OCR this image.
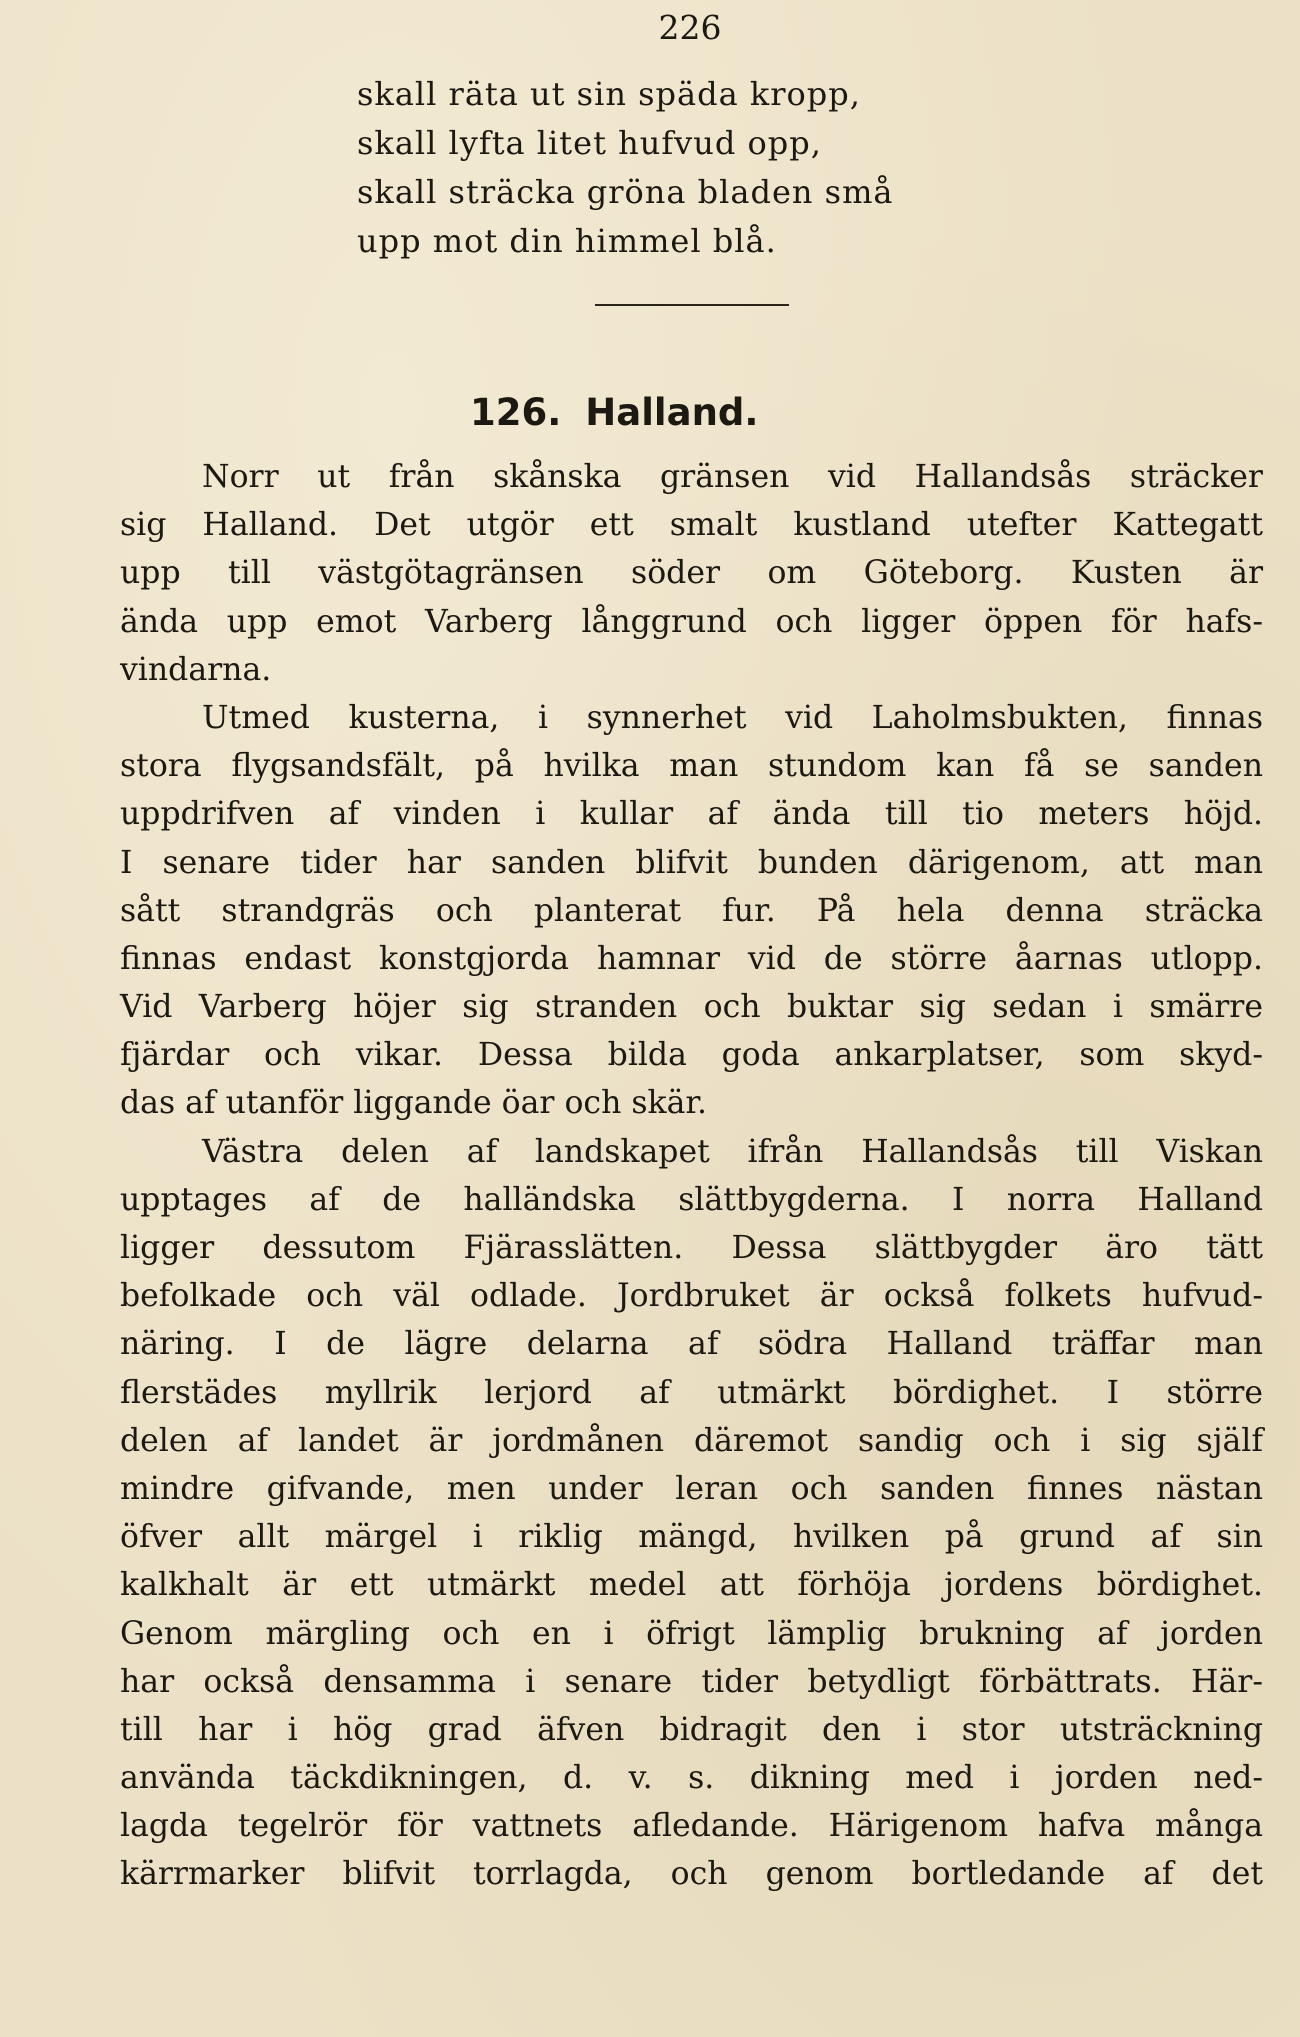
226
skall räta ut sin späda kropp,
skall lyfta litet hufvud opp,
skall sträcka gröna bladen små
upp mot din himmel blå.
126. Halland.
Norr ut från skånska gränsen vid Hallandsås sträcker
sig Halland. Det utgör ett smalt kustland utefter Kattegatt
upp till västgötagränsen söder om Göteborg. Kusten är
ända upp emot Varberg långgrund och ligger öppen för hafs-
vindarna.
Utmed kusterna, i synnerhet vid Laholmsbukten, finnas
stora flygsandsfält, på hvilka man stundom kan få se sanden
uppdrifven af vinden i kullar af ända till tio meters höjd.
I senare tider har sanden blifvit bunden därigenom, att man
sått strandgräs och planterat fur. På hela denna sträcka
finnas endast konstgjorda hamnar vid de större åarnas utlopp.
Vid Varberg höjer sig stranden och buktar sig sedan i smärre
fjärdar och vikar. Dessa bilda goda ankarplatser, som skyd-
das af utanför liggande öar och skär.
Västra delen af landskapet ifrån Hallandsås till Viskan
upptages af de halländska slättbygderna. I norra Halland
ligger dessutom Fjärasslätten. Dessa slättbygder äro tätt
befolkade och väl odlade. Jordbruket är också folkets hufvud-
näring. I de lägre delarna af södra Halland träffar man
flerstädes myllrik lerjord af utmärkt bördighet. I större
delen af landet är jordmånen däremot sandig och i sig själf
mindre gifvande, men under leran och sanden finnes nästan
öfver allt märgel i riklig mängd, hvilken på grund af sin
kalkhalt är ett utmärkt medel att förhöja jordens bördighet.
Genom märgling och en i öfrigt lämplig brukning af jorden
har också densamma i senare tider betydligt förbättrats. Här-
till har i hög grad äfven bidragit den i stor utsträckning
använda täckdikningen, d. v. s. dikning med i jorden ned-
lagda tegelrör för vattnets afledande. Härigenom hafva många
kärrmarker blifvit torrlagda, och genom bortledande af det
